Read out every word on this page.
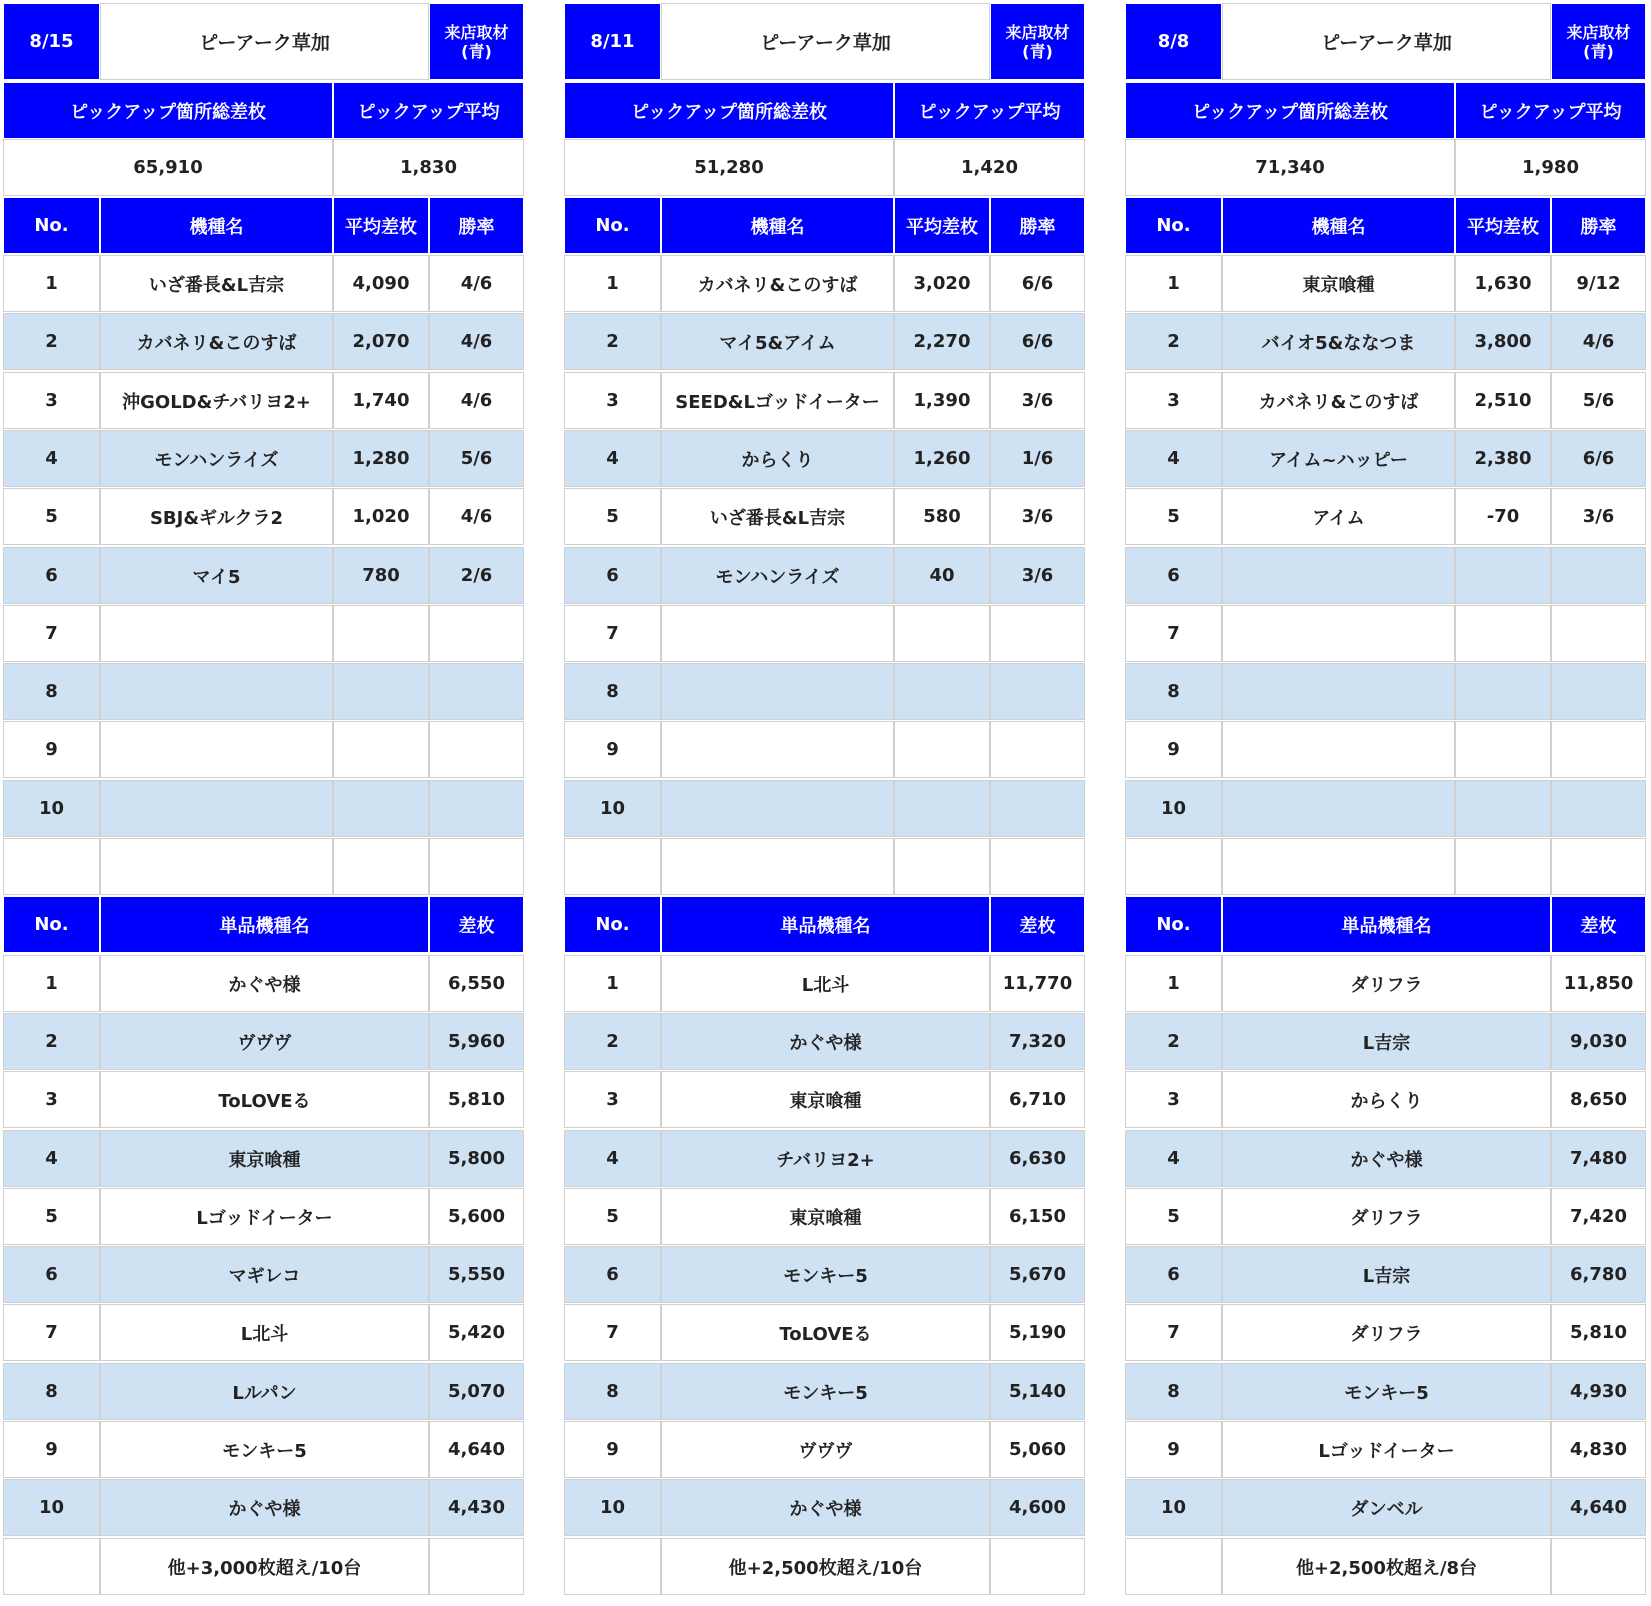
8/15	ピーアーク草加	来店取材
(青)
ピックアップ箇所総差枚	ピックアップ平均
65,910	1,830
No.	機種名	平均差枚	勝率
1	いざ番長&L吉宗	4,090	4/6
2	カバネリ&このすば	2,070	4/6
3	沖GOLD&チバリヨ2+	1,740	4/6
4	モンハンライズ	1,280	5/6
5	SBJ&ギルクラ2	1,020	4/6
6	マイ5	780	2/6
7
8
9
10
No.	単品機種名	差枚
1	かぐや様	6,550
2	ヴヴヴ	5,960
3	ToLOVEる	5,810
4	東京喰種	5,800
5	Lゴッドイーター	5,600
6	マギレコ	5,550
7	L北斗	5,420
8	Lルパン	5,070
9	モンキー5	4,640
10	かぐや様	4,430
他+3,000枚超え/10台
8/11	ピーアーク草加	来店取材
(青)
ピックアップ箇所総差枚	ピックアップ平均
51,280	1,420
No.	機種名	平均差枚	勝率
1	カバネリ&このすば	3,020	6/6
2	マイ5&アイム	2,270	6/6
3	SEED&Lゴッドイーター	1,390	3/6
4	からくり	1,260	1/6
5	いざ番長&L吉宗	580	3/6
6	モンハンライズ	40	3/6
7
8
9
10
No.	単品機種名	差枚
1	L北斗	11,770
2	かぐや様	7,320
3	東京喰種	6,710
4	チバリヨ2+	6,630
5	東京喰種	6,150
6	モンキー5	5,670
7	ToLOVEる	5,190
8	モンキー5	5,140
9	ヴヴヴ	5,060
10	かぐや様	4,600
他+2,500枚超え/10台
8/8	ピーアーク草加	来店取材
(青)
ピックアップ箇所総差枚	ピックアップ平均
71,340	1,980
No.	機種名	平均差枚	勝率
1	東京喰種	1,630	9/12
2	バイオ5&ななつま	3,800	4/6
3	カバネリ&このすば	2,510	5/6
4	アイム~ハッピー	2,380	6/6
5	アイム	-70	3/6
6
7
8
9
10
No.	単品機種名	差枚
1	ダリフラ	11,850
2	L吉宗	9,030
3	からくり	8,650
4	かぐや様	7,480
5	ダリフラ	7,420
6	L吉宗	6,780
7	ダリフラ	5,810
8	モンキー5	4,930
9	Lゴッドイーター	4,830
10	ダンベル	4,640
他+2,500枚超え/8台
